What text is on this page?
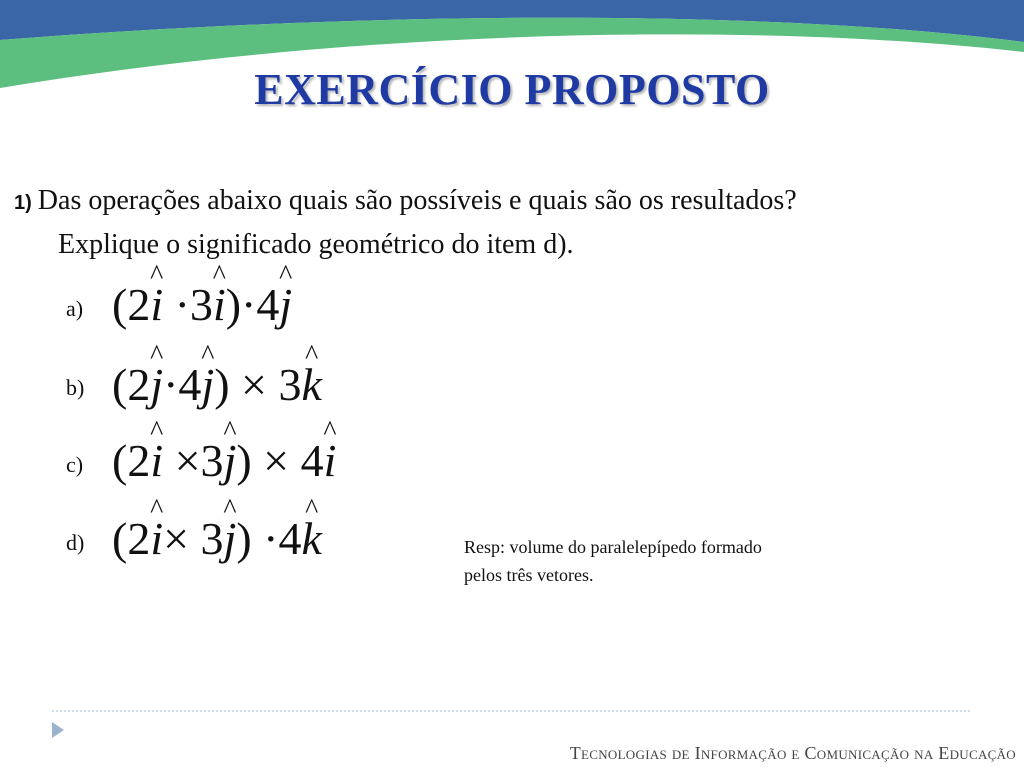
EXERCÍCIO PROPOSTO
1) Das operações abaixo quais são possíveis e quais são os resultados?
Explique o significado geométrico do item d).
a) (2^ i ·3^ i)·4^ j
b) (2^ j·4^ j) × 3^ k
c) (2^ i ×3^ j) × 4^ i
d) (2^ i× 3^ j) ·4^ k	Resp: volume do paralelepípedo formado
pelos três vetores.
Tecnologias de Informação e Comunicação na Educação
